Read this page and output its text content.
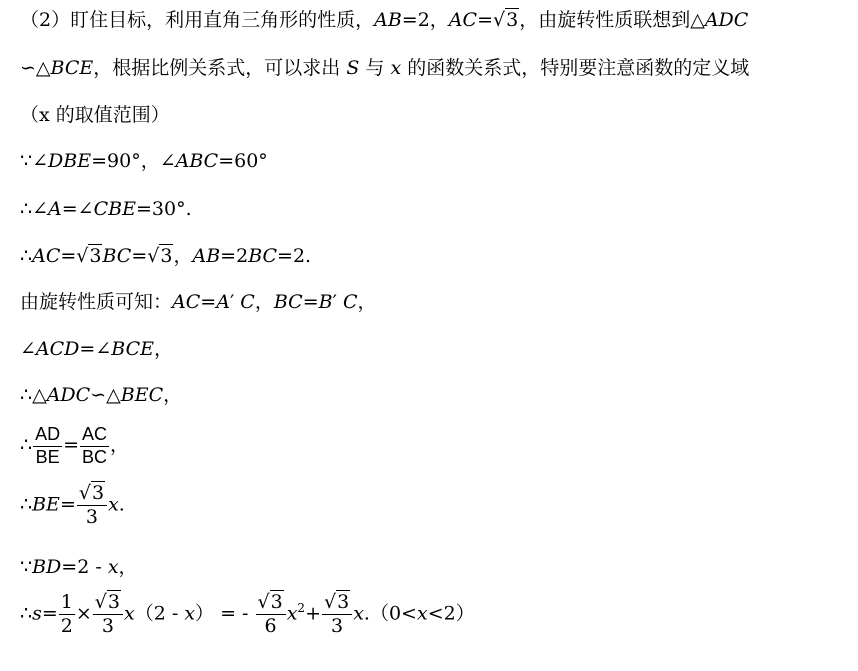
（2）盯住目标，利用直角三角形的性质，AB=2，AC=√3，由旋转性质联想到△ADC
∽△BCE，根据比例关系式，可以求出 S 与 x 的函数关系式，特别要注意函数的定义域
（x 的取值范围）
∵∠DBE=90°，∠ABC=60°
∴∠A=∠CBE=30°.
∴AC=√3BC=√3，AB=2BC=2.
由旋转性质可知：AC=A′ C，BC=B′ C，
∠ACD=∠BCE，
∴△ADC∽△BEC，
∴ $\frac{AD}{BE} = \frac{AC}{BC}$ ，
∴BE= $\frac{√3}{3} x$.
∵BD=2 - x，
∴s= $\frac{1}{2} \times \frac{√3}{3} x(2 - x)$ = - $\frac{√3}{6} x^2+ \frac{√3}{3} x.(0<x<2)$
